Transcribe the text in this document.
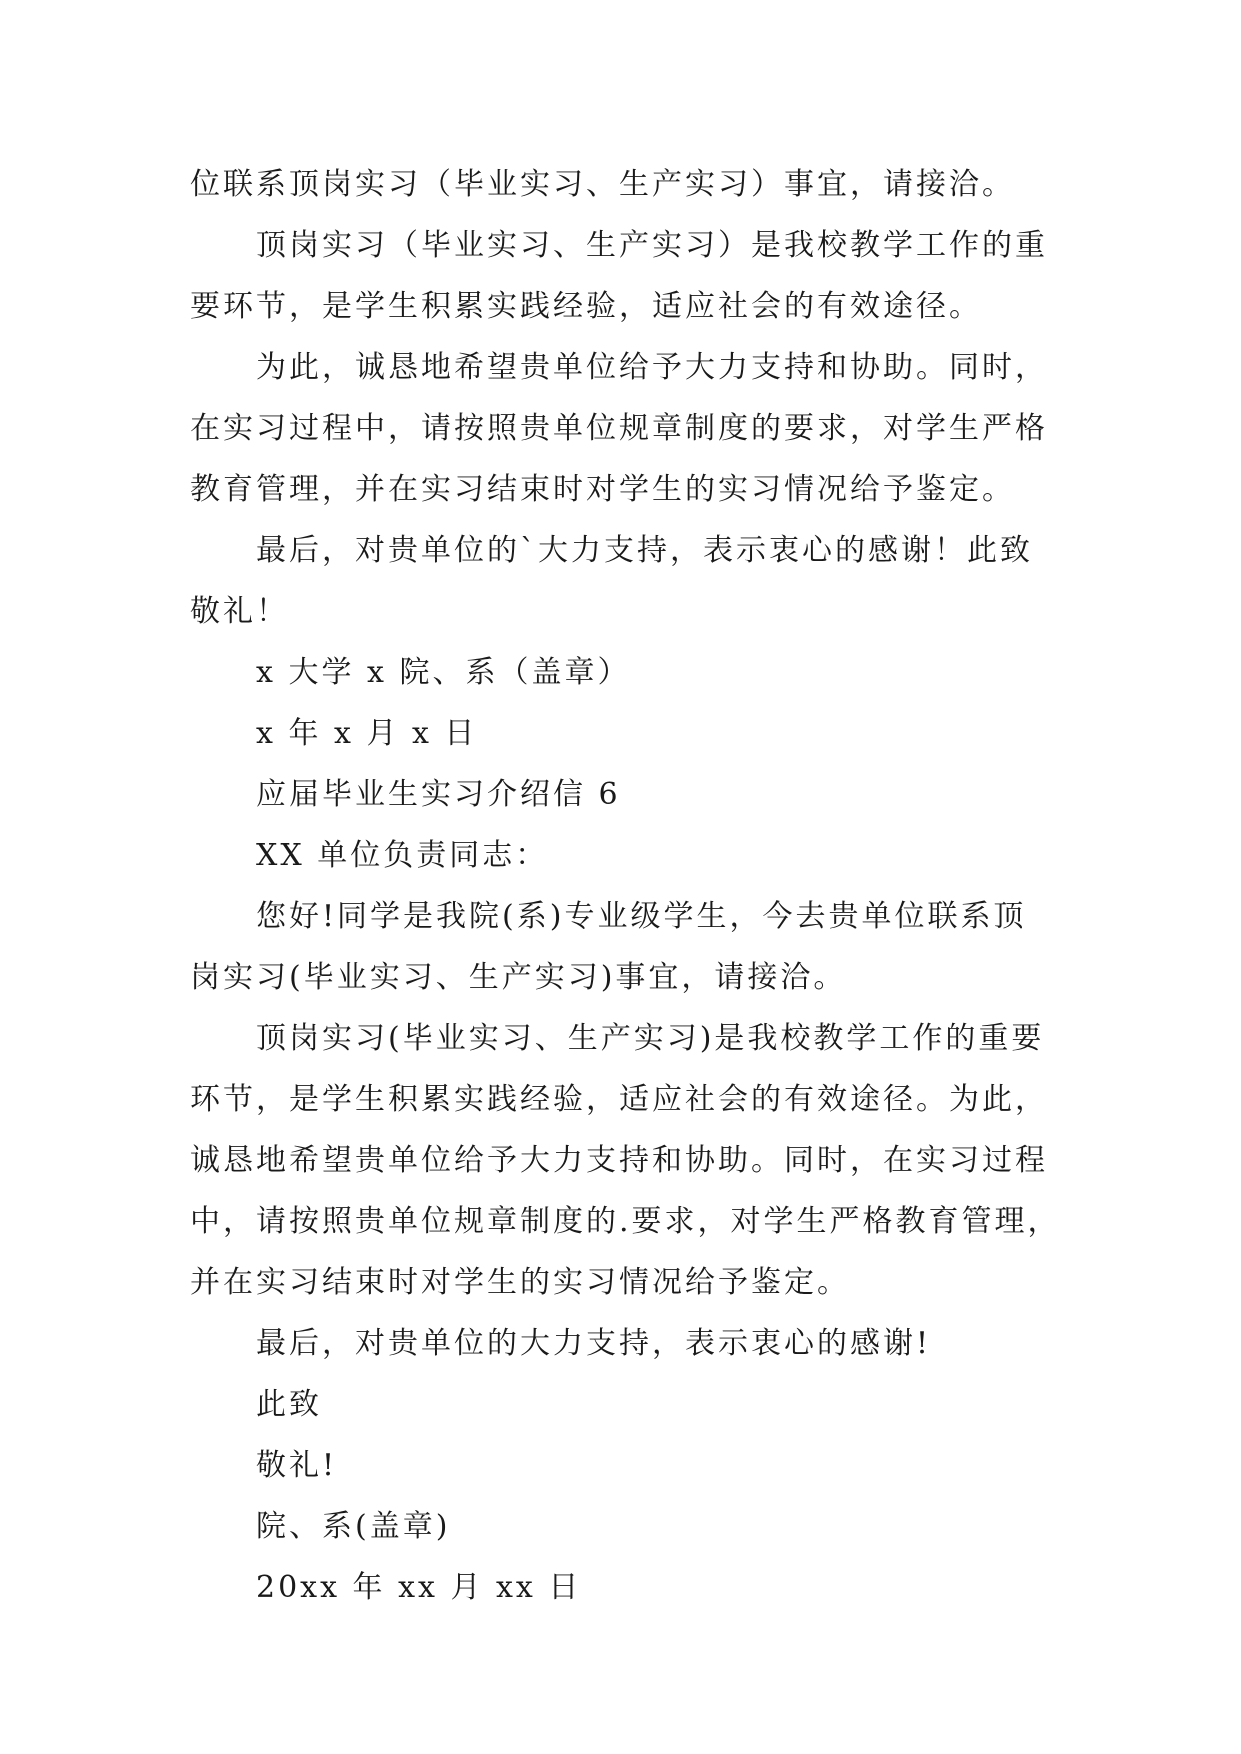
位联系顶岗实习（毕业实习、生产实习）事宜，请接洽。
顶岗实习（毕业实习、生产实习）是我校教学工作的重
要环节，是学生积累实践经验，适应社会的有效途径。
为此，诚恳地希望贵单位给予大力支持和协助。同时，
在实习过程中，请按照贵单位规章制度的要求，对学生严格
教育管理，并在实习结束时对学生的实习情况给予鉴定。
最后，对贵单位的`大力支持，表示衷心的感谢！此致
敬礼！
x 大学 x 院、系（盖章）
x 年 x 月 x 日
应届毕业生实习介绍信 6
XX 单位负责同志：
您好!同学是我院(系)专业级学生，今去贵单位联系顶
岗实习(毕业实习、生产实习)事宜，请接洽。
顶岗实习(毕业实习、生产实习)是我校教学工作的重要
环节，是学生积累实践经验，适应社会的有效途径。为此，
诚恳地希望贵单位给予大力支持和协助。同时，在实习过程
中，请按照贵单位规章制度的.要求，对学生严格教育管理，
并在实习结束时对学生的实习情况给予鉴定。
最后，对贵单位的大力支持，表示衷心的感谢!
此致
敬礼!
院、系(盖章)
20xx 年 xx 月 xx 日
